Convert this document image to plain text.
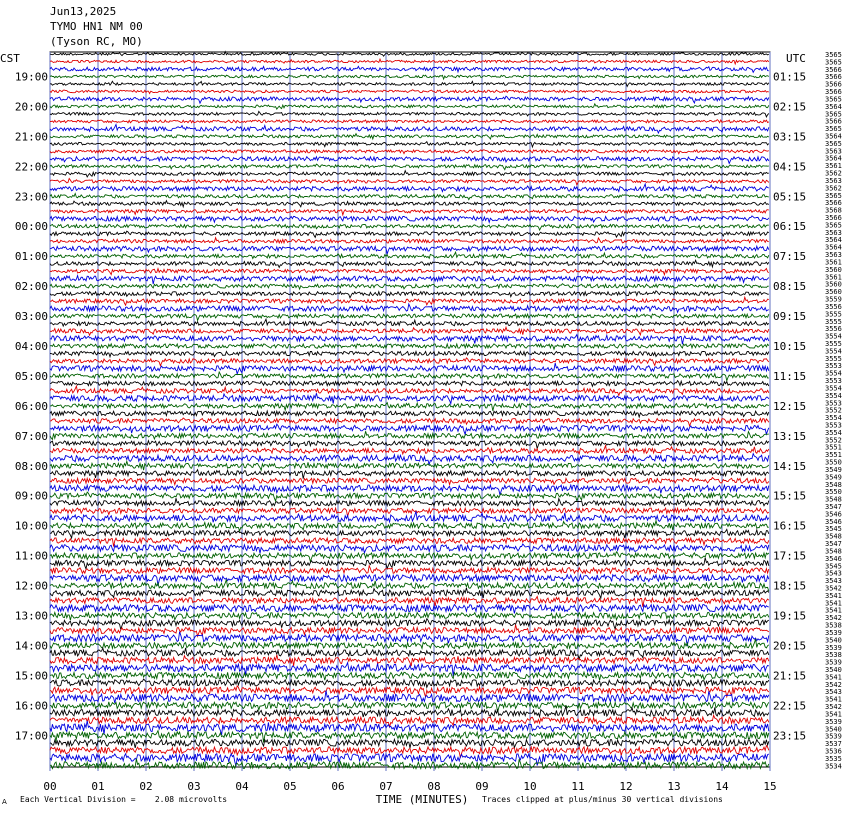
Jun13,2025
TYMO HN1 NM 00
(Tyson RC, MO)
CST	UTC
19:00
20:00
21:00
22:00
23:00
00:00
01:00
02:00
03:00
04:00
05:00
06:00
07:00
08:00
09:00
10:00
11:00
12:00
13:00
14:00
15:00
16:00
17:00
01:15
02:15
03:15
04:15
05:15
06:15
07:15
08:15
09:15
10:15
11:15
12:15
13:15
14:15
15:15
16:15
17:15
18:15
19:15
20:15
21:15
22:15
23:15
3565
3565
3566
3566
3566
3566
3565
3564
3565
3566
3565
3564
3565
3563
3564
3561
3562
3563
3562
3565
3566
3568
3566
3565
3563
3564
3564
3563
3561
3560
3561
3560
3560
3559
3556
3555
3555
3556
3554
3555
3554
3555
3553
3554
3553
3554
3554
3553
3552
3554
3553
3554
3552
3551
3551
3550
3549
3549
3548
3550
3548
3547
3546
3546
3545
3548
3547
3548
3546
3545
3543
3543
3542
3541
3541
3541
3542
3538
3539
3540
3539
3538
3539
3540
3541
3542
3543
3541
3542
3541
3539
3540
3539
3537
3536
3535
3534
00	01	02	03	04	05	06	07	08	09	10	11	12	13	14	15
TIME (MINUTES)
Each Vertical Division =    2.08 microvolts	Traces clipped at plus/minus 30 vertical divisions
A
